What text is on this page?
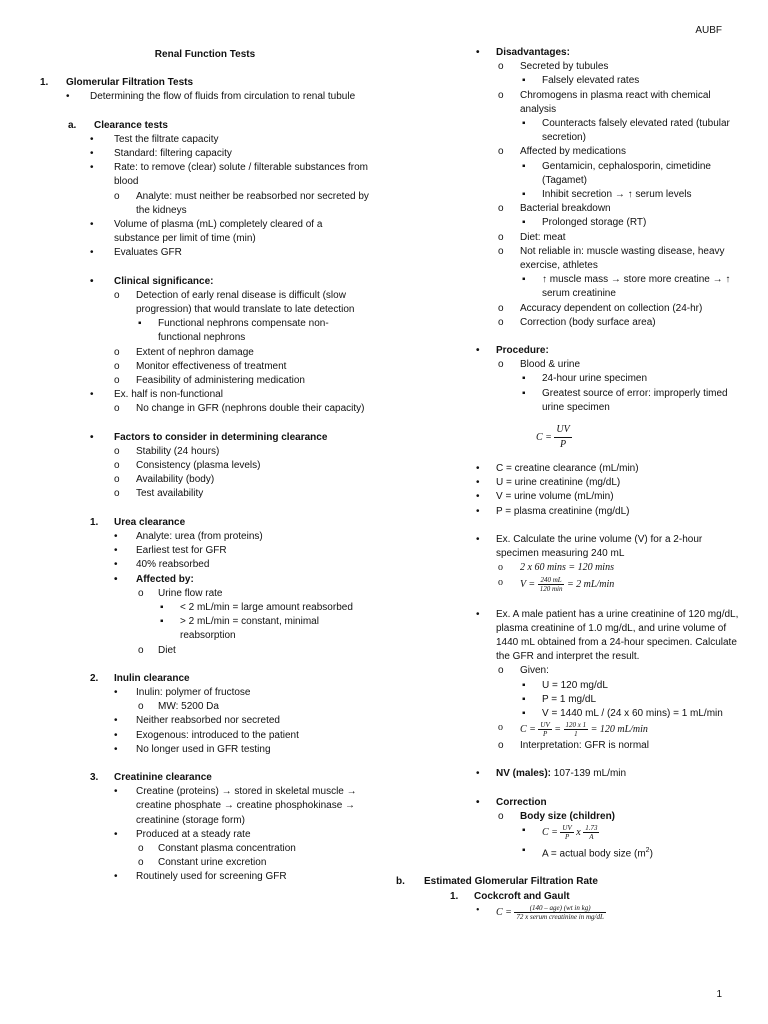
AUBF
1
Renal Function Tests
1. Glomerular Filtration Tests
• Determining the flow of fluids from circulation to renal tubule
a. Clearance tests
• Test the filtrate capacity
• Standard: filtering capacity
• Rate: to remove (clear) solute / filterable substances from blood
o Analyte: must neither be reabsorbed nor secreted by the kidneys
• Volume of plasma (mL) completely cleared of a substance per limit of time (min)
• Evaluates GFR
• Clinical significance:
o Detection of early renal disease is difficult (slow progression) that would translate to late detection
▪ Functional nephrons compensate non-functional nephrons
o Extent of nephron damage
o Monitor effectiveness of treatment
o Feasibility of administering medication
• Ex. half is non-functional
o No change in GFR (nephrons double their capacity)
• Factors to consider in determining clearance
o Stability (24 hours)
o Consistency (plasma levels)
o Availability (body)
o Test availability
1. Urea clearance
• Analyte: urea (from proteins)
• Earliest test for GFR
• 40% reabsorbed
• Affected by:
o Urine flow rate
▪ < 2 mL/min = large amount reabsorbed
▪ > 2 mL/min = constant, minimal reabsorption
o Diet
2. Inulin clearance
• Inulin: polymer of fructose
o MW: 5200 Da
• Neither reabsorbed nor secreted
• Exogenous: introduced to the patient
• No longer used in GFR testing
3. Creatinine clearance
• Creatine (proteins) → stored in skeletal muscle → creatine phosphate → creatine phosphokinase → creatinine (storage form)
• Produced at a steady rate
o Constant plasma concentration
o Constant urine excretion
• Routinely used for screening GFR
• Disadvantages:
o Secreted by tubules
▪ Falsely elevated rates
o Chromogens in plasma react with chemical analysis
▪ Counteracts falsely elevated rated (tubular secretion)
o Affected by medications
▪ Gentamicin, cephalosporin, cimetidine (Tagamet)
▪ Inhibit secretion → ↑ serum levels
o Bacterial breakdown
▪ Prolonged storage (RT)
o Diet: meat
o Not reliable in: muscle wasting disease, heavy exercise, athletes
▪ ↑ muscle mass → store more creatine → ↑ serum creatinine
o Accuracy dependent on collection (24-hr)
o Correction (body surface area)
• Procedure:
o Blood & urine
▪ 24-hour urine specimen
▪ Greatest source of error: improperly timed urine specimen
$C = \frac{UV}{P}$
• C = creatine clearance (mL/min)
• U = urine creatinine (mg/dL)
• V = urine volume (mL/min)
• P = plasma creatinine (mg/dL)
• Ex. Calculate the urine volume (V) for a 2-hour specimen measuring 240 mL
o 2 x 60 mins = 120 mins
o $V = \frac{240 mL}{120 \min} = 2$ mL/min
• Ex. A male patient has a urine creatinine of 120 mg/dL, plasma creatinine of 1.0 mg/dL, and urine volume of 1440 mL obtained from a 24-hour specimen. Calculate the GFR and interpret the result.
o Given:
▪ U = 120 mg/dL
▪ P = 1 mg/dL
▪ V = 1440 mL / (24 x 60 mins) = 1 mL/min
o $C = \frac{UV}{P} = \frac{120 x 1}{1} = 120$ mL/min
o Interpretation: GFR is normal
• NV (males): 107-139 mL/min
• Correction
o Body size (children)
▪ $C = \frac{UV}{P}$ x $\frac{1.73}{A}$
▪ A = actual body size $(m^2)$
b. Estimated Glomerular Filtration Rate
1. Cockcroft and Gault
• $C = \frac{\text{(140 – age) (wt in kg)}}{\text{72 x serum creatinine in mg/dL}}$
